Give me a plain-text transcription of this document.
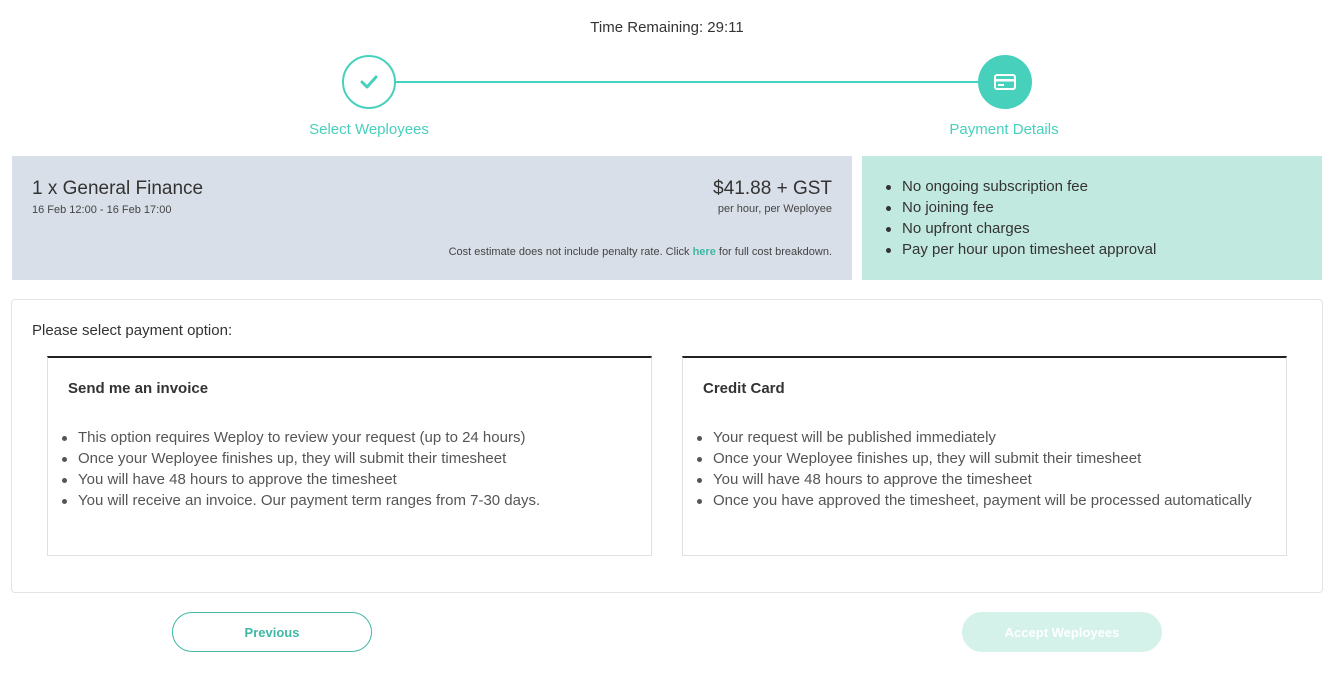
Time Remaining: 29:11
Select Weployees	Payment Details
1 x General Finance
16 Feb 12:00 - 16 Feb 17:00
$41.88 + GST
per hour, per Weployee
Cost estimate does not include penalty rate. Click here for full cost breakdown.
No ongoing subscription fee
No joining fee
No upfront charges
Pay per hour upon timesheet approval
Please select payment option:
Send me an invoice
This option requires Weploy to review your request (up to 24 hours)
Once your Weployee finishes up, they will submit their timesheet
You will have 48 hours to approve the timesheet
You will receive an invoice. Our payment term ranges from 7-30 days.
Credit Card
Your request will be published immediately
Once your Weployee finishes up, they will submit their timesheet
You will have 48 hours to approve the timesheet
Once you have approved the timesheet, payment will be processed automatically
Previous	Accept Weployees
